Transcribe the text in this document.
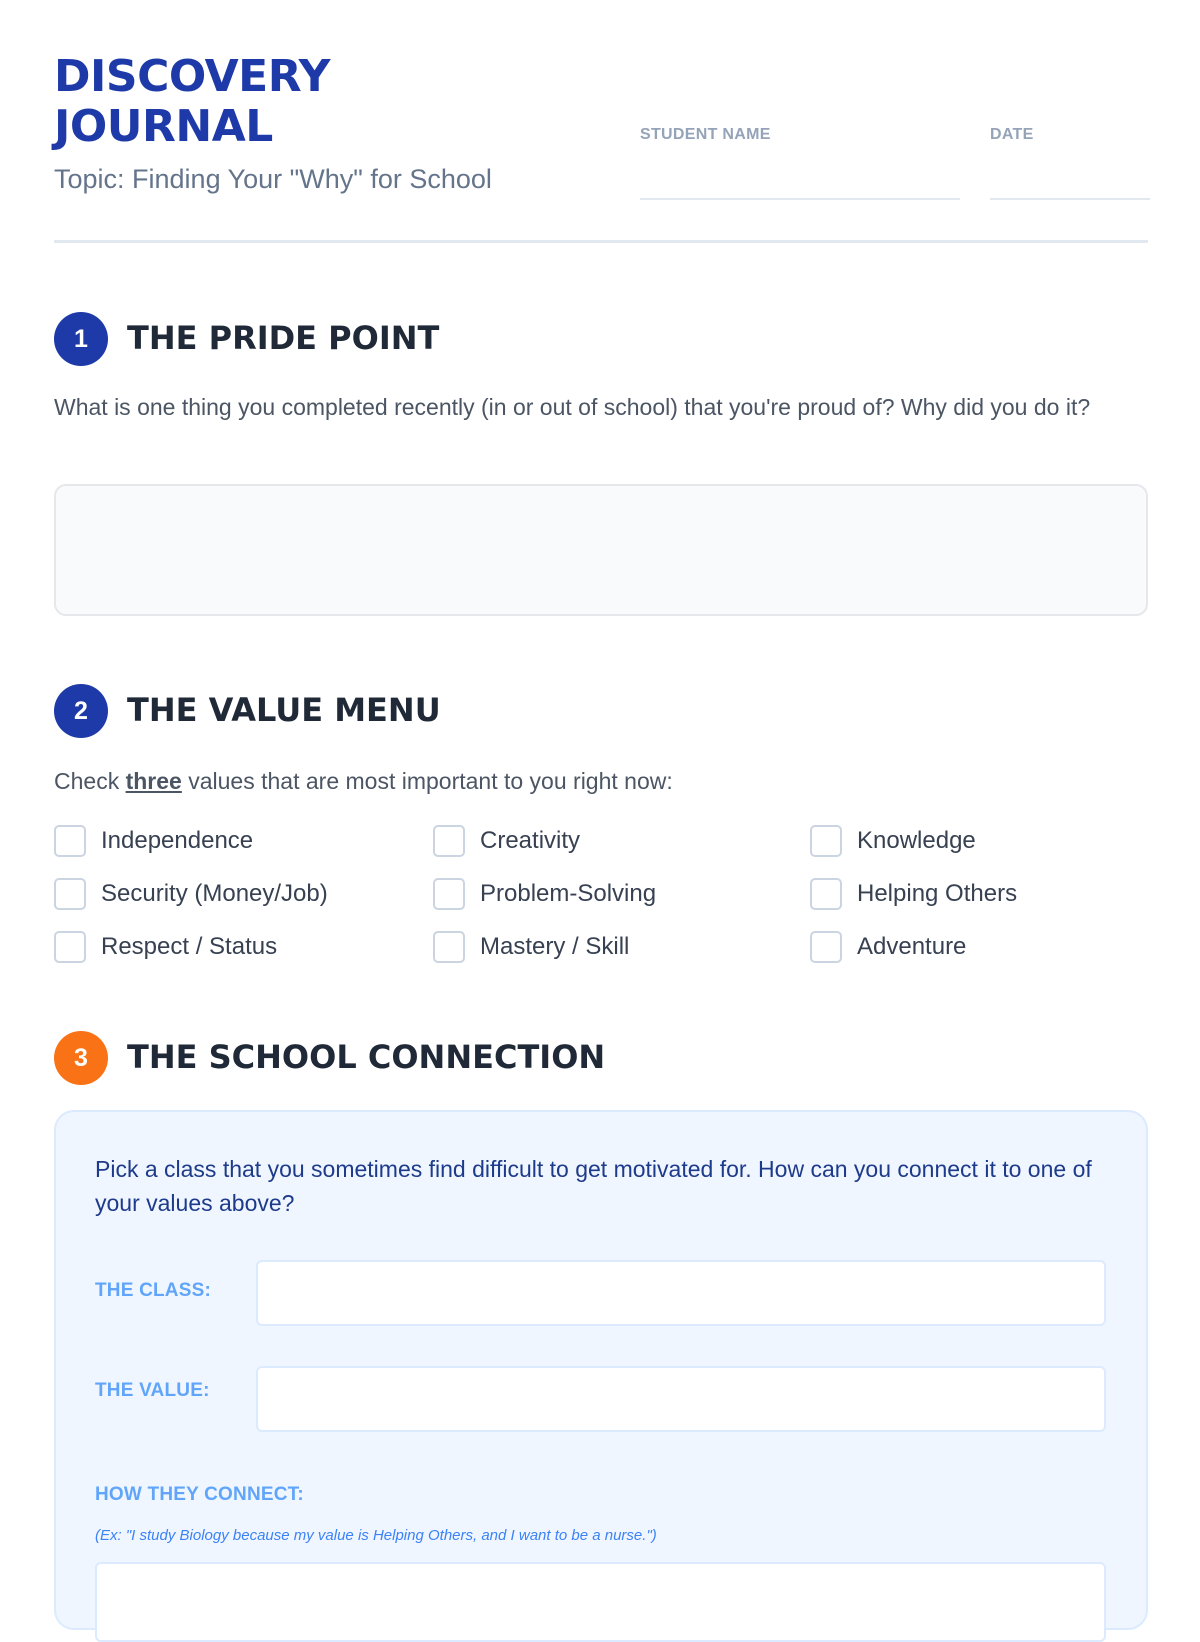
DISCOVERY
JOURNAL
Topic: Finding Your "Why" for School
STUDENT NAME	DATE
1	THE PRIDE POINT
What is one thing you completed recently (in or out of school) that you're proud of? Why did you do it?
2	THE VALUE MENU
Check three values that are most important to you right now:
Independence	Creativity	Knowledge
Security (Money/Job)	Problem-Solving	Helping Others
Respect / Status	Mastery / Skill	Adventure
3	THE SCHOOL CONNECTION
Pick a class that you sometimes find difficult to get motivated for. How can you connect it to one of your values above?
THE CLASS:
THE VALUE:
HOW THEY CONNECT:
(Ex: "I study Biology because my value is Helping Others, and I want to be a nurse.")
